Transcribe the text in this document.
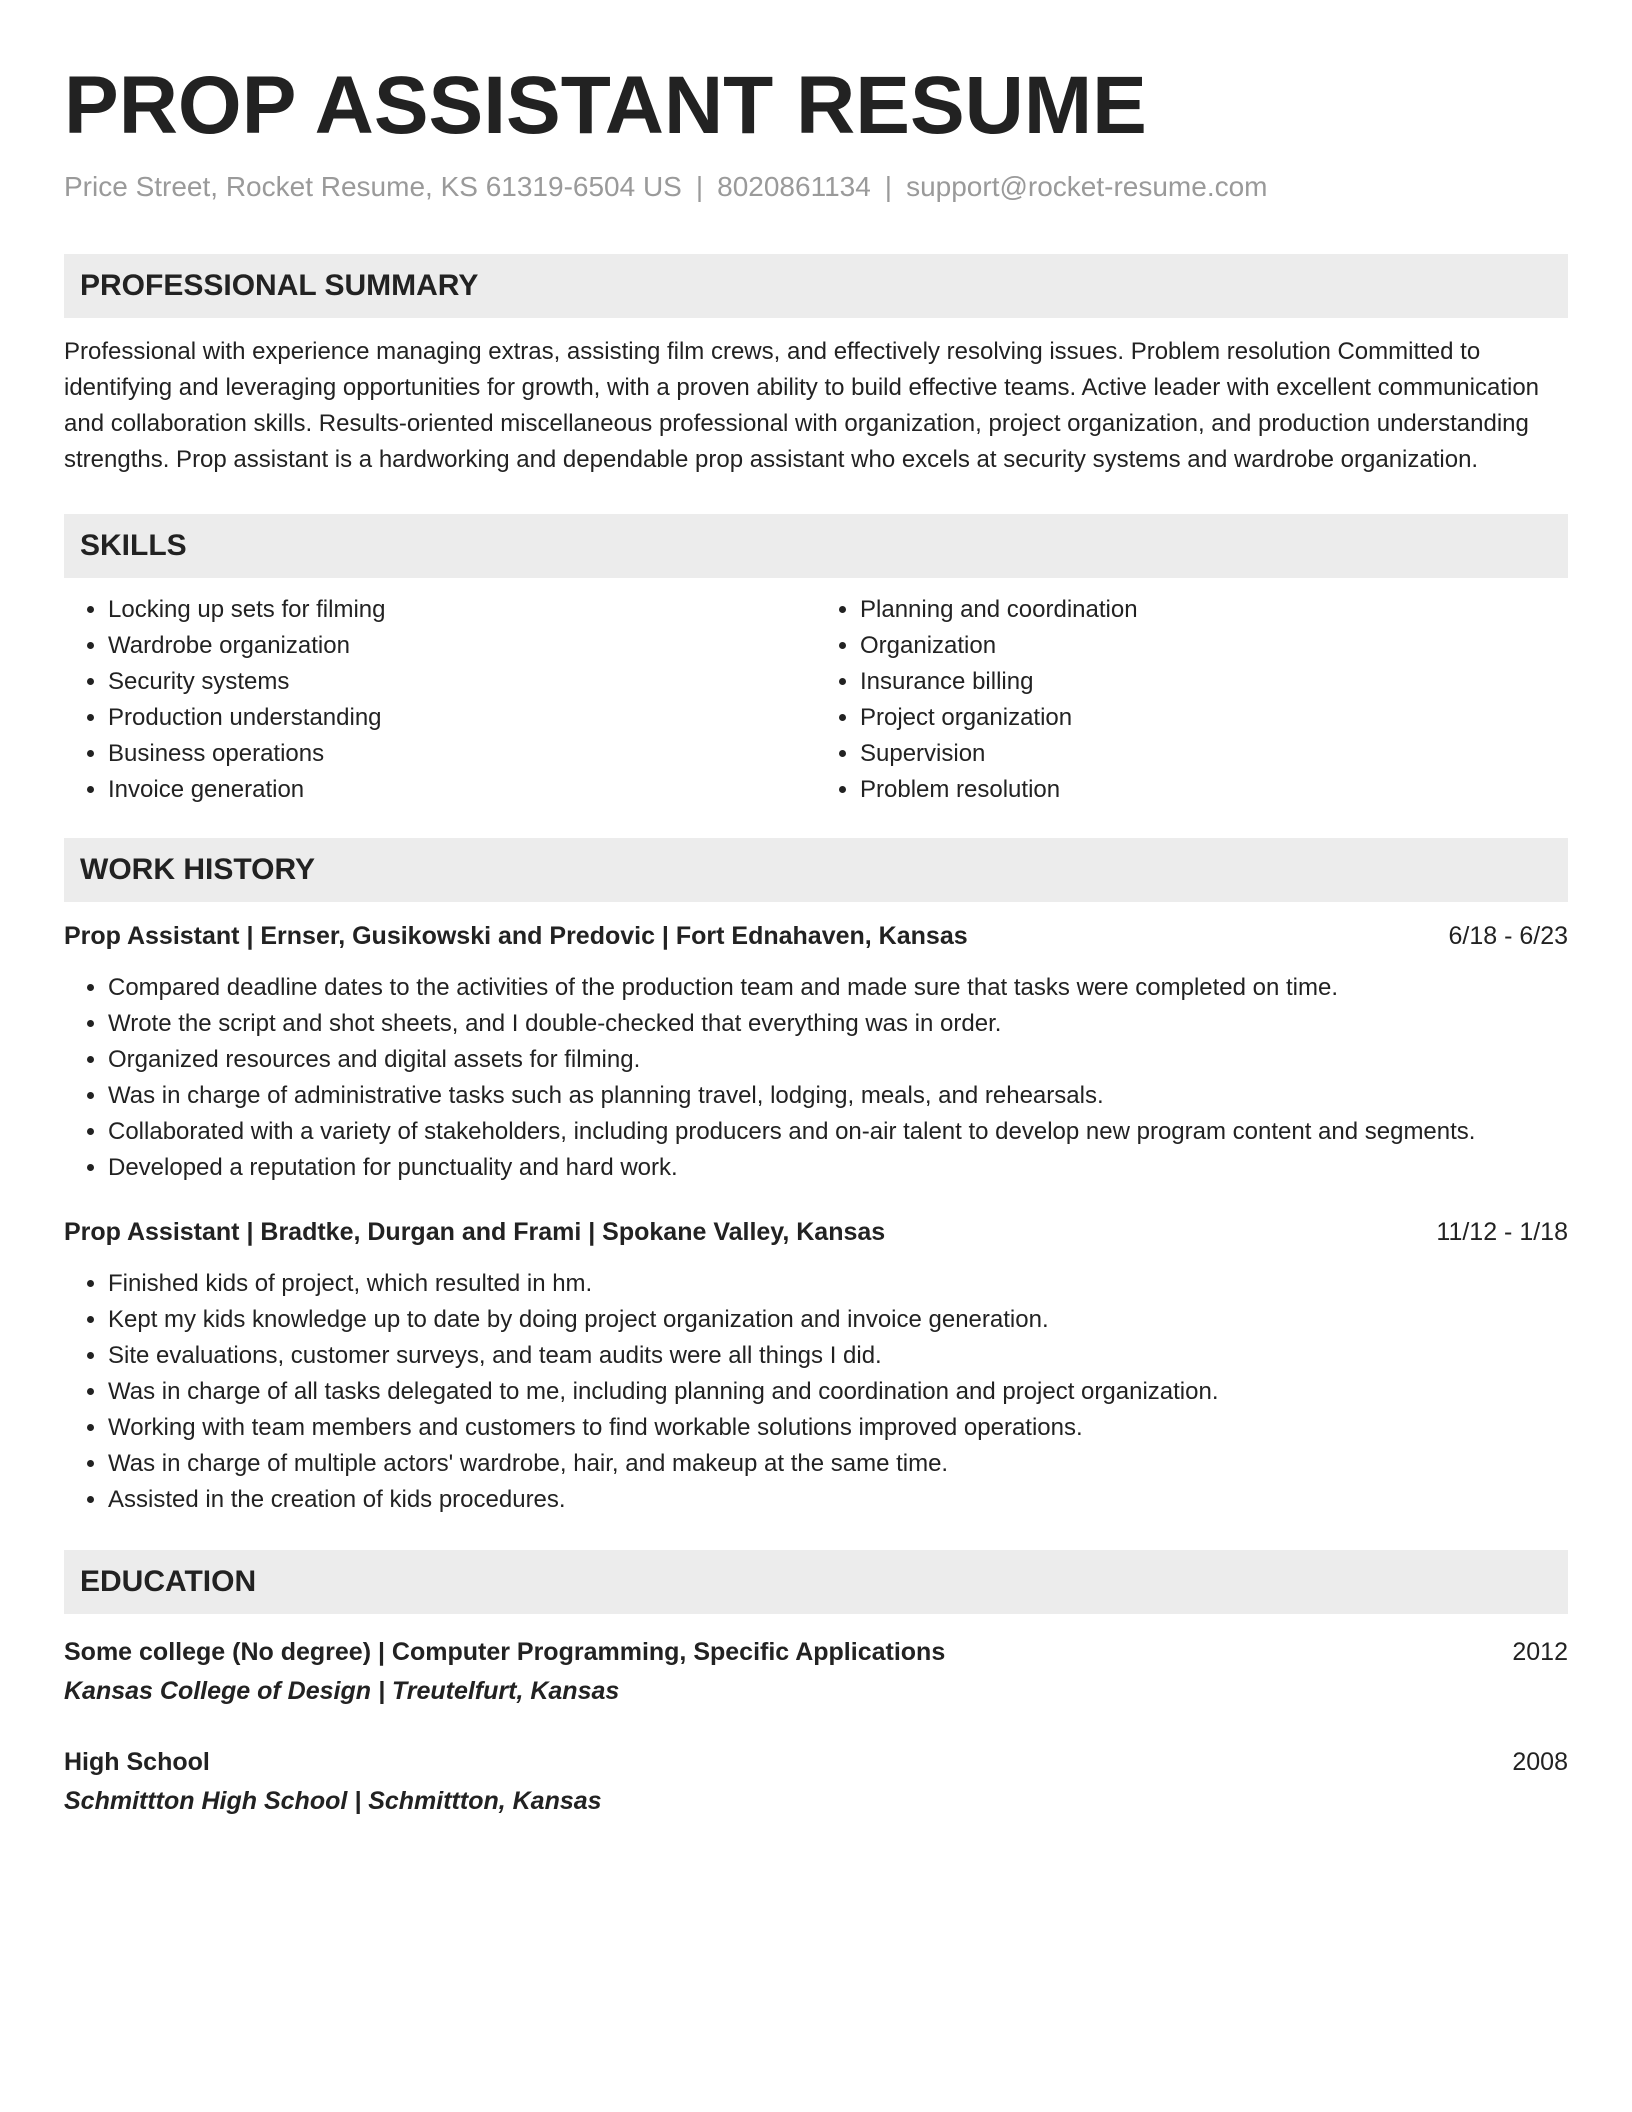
PROP ASSISTANT RESUME
Price Street, Rocket Resume, KS 61319-6504 US | 8020861134 | support@rocket-resume.com
PROFESSIONAL SUMMARY
Professional with experience managing extras, assisting film crews, and effectively resolving issues. Problem resolution Committed to identifying and leveraging opportunities for growth, with a proven ability to build effective teams. Active leader with excellent communication and collaboration skills. Results-oriented miscellaneous professional with organization, project organization, and production understanding strengths. Prop assistant is a hardworking and dependable prop assistant who excels at security systems and wardrobe organization.
SKILLS
• Locking up sets for filming
• Wardrobe organization
• Security systems
• Production understanding
• Business operations
• Invoice generation
• Planning and coordination
• Organization
• Insurance billing
• Project organization
• Supervision
• Problem resolution
WORK HISTORY
Prop Assistant | Ernser, Gusikowski and Predovic | Fort Ednahaven, Kansas	6/18 - 6/23
• Compared deadline dates to the activities of the production team and made sure that tasks were completed on time.
• Wrote the script and shot sheets, and I double-checked that everything was in order.
• Organized resources and digital assets for filming.
• Was in charge of administrative tasks such as planning travel, lodging, meals, and rehearsals.
• Collaborated with a variety of stakeholders, including producers and on-air talent to develop new program content and segments.
• Developed a reputation for punctuality and hard work.
Prop Assistant | Bradtke, Durgan and Frami | Spokane Valley, Kansas	11/12 - 1/18
• Finished kids of project, which resulted in hm.
• Kept my kids knowledge up to date by doing project organization and invoice generation.
• Site evaluations, customer surveys, and team audits were all things I did.
• Was in charge of all tasks delegated to me, including planning and coordination and project organization.
• Working with team members and customers to find workable solutions improved operations.
• Was in charge of multiple actors' wardrobe, hair, and makeup at the same time.
• Assisted in the creation of kids procedures.
EDUCATION
Some college (No degree) | Computer Programming, Specific Applications	2012
Kansas College of Design | Treutelfurt, Kansas
High School	2008
Schmittton High School | Schmittton, Kansas
